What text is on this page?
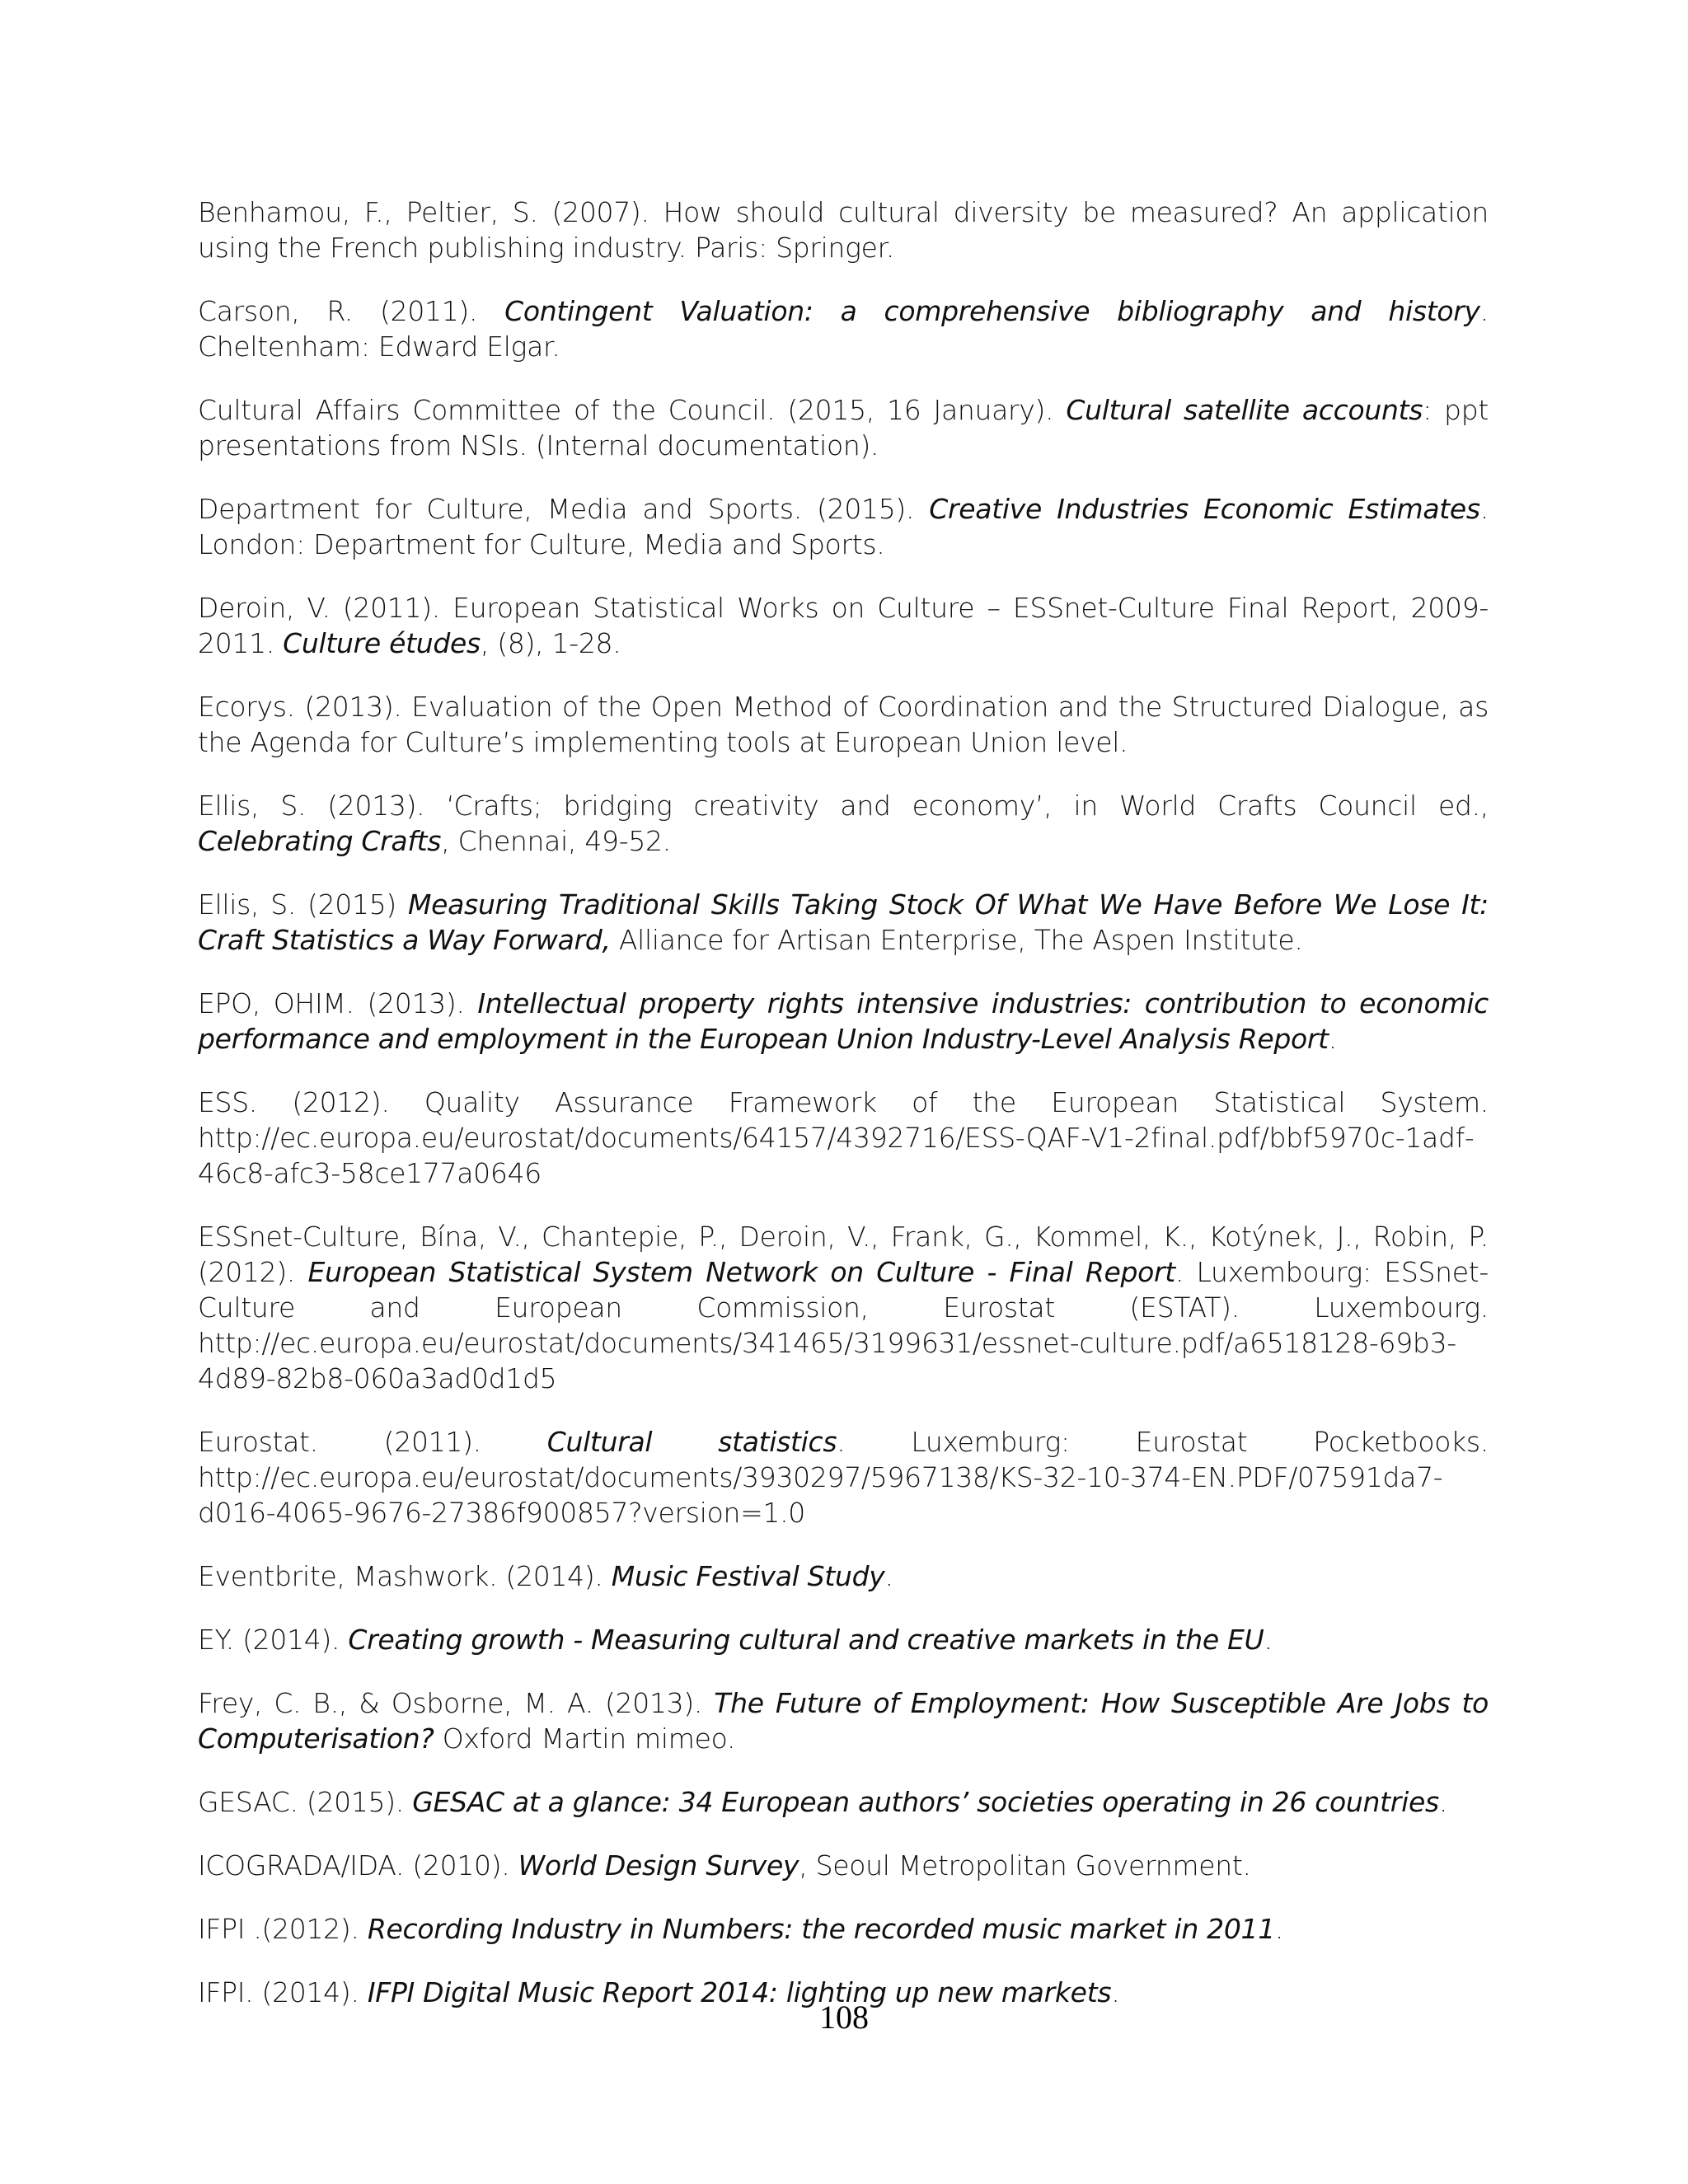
Benhamou, F., Peltier, S. (2007). How should cultural diversity be measured? An application using the French publishing industry. Paris: Springer.
Carson, R. (2011). Contingent Valuation: a comprehensive bibliography and history. Cheltenham: Edward Elgar.
Cultural Affairs Committee of the Council. (2015, 16 January). Cultural satellite accounts: ppt presentations from NSIs. (Internal documentation).
Department for Culture, Media and Sports. (2015). Creative Industries Economic Estimates. London: Department for Culture, Media and Sports.
Deroin, V. (2011). European Statistical Works on Culture – ESSnet-Culture Final Report, 2009-2011. Culture études, (8), 1-28.
Ecorys. (2013). Evaluation of the Open Method of Coordination and the Structured Dialogue, as the Agenda for Culture’s implementing tools at European Union level.
Ellis, S. (2013). ‘Crafts; bridging creativity and economy’, in World Crafts Council ed., Celebrating Crafts, Chennai, 49-52.
Ellis, S. (2015) Measuring Traditional Skills Taking Stock Of What We Have Before We Lose It: Craft Statistics a Way Forward, Alliance for Artisan Enterprise, The Aspen Institute.
EPO, OHIM. (2013). Intellectual property rights intensive industries: contribution to economic performance and employment in the European Union Industry-Level Analysis Report.
ESS. (2012). Quality Assurance Framework of the European Statistical System. http://ec.europa.eu/eurostat/documents/64157/4392716/ESS-QAF-V1-2final.pdf/bbf5970c-1adf-46c8-afc3-58ce177a0646
ESSnet-Culture, Bína, V., Chantepie, P., Deroin, V., Frank, G., Kommel, K., Kotýnek, J., Robin, P. (2012). European Statistical System Network on Culture - Final Report. Luxembourg: ESSnet-Culture and European Commission, Eurostat (ESTAT). Luxembourg. http://ec.europa.eu/eurostat/documents/341465/3199631/essnet-culture.pdf/a6518128-69b3-4d89-82b8-060a3ad0d1d5
Eurostat. (2011). Cultural statistics. Luxemburg: Eurostat Pocketbooks. http://ec.europa.eu/eurostat/documents/3930297/5967138/KS-32-10-374-EN.PDF/07591da7-d016-4065-9676-27386f900857?version=1.0
Eventbrite, Mashwork. (2014). Music Festival Study.
EY. (2014). Creating growth - Measuring cultural and creative markets in the EU.
Frey, C. B., & Osborne, M. A. (2013). The Future of Employment: How Susceptible Are Jobs to Computerisation? Oxford Martin mimeo.
GESAC. (2015). GESAC at a glance: 34 European authors’ societies operating in 26 countries.
ICOGRADA/IDA. (2010). World Design Survey, Seoul Metropolitan Government.
IFPI .(2012). Recording Industry in Numbers: the recorded music market in 2011.
IFPI. (2014). IFPI Digital Music Report 2014: lighting up new markets.
108
